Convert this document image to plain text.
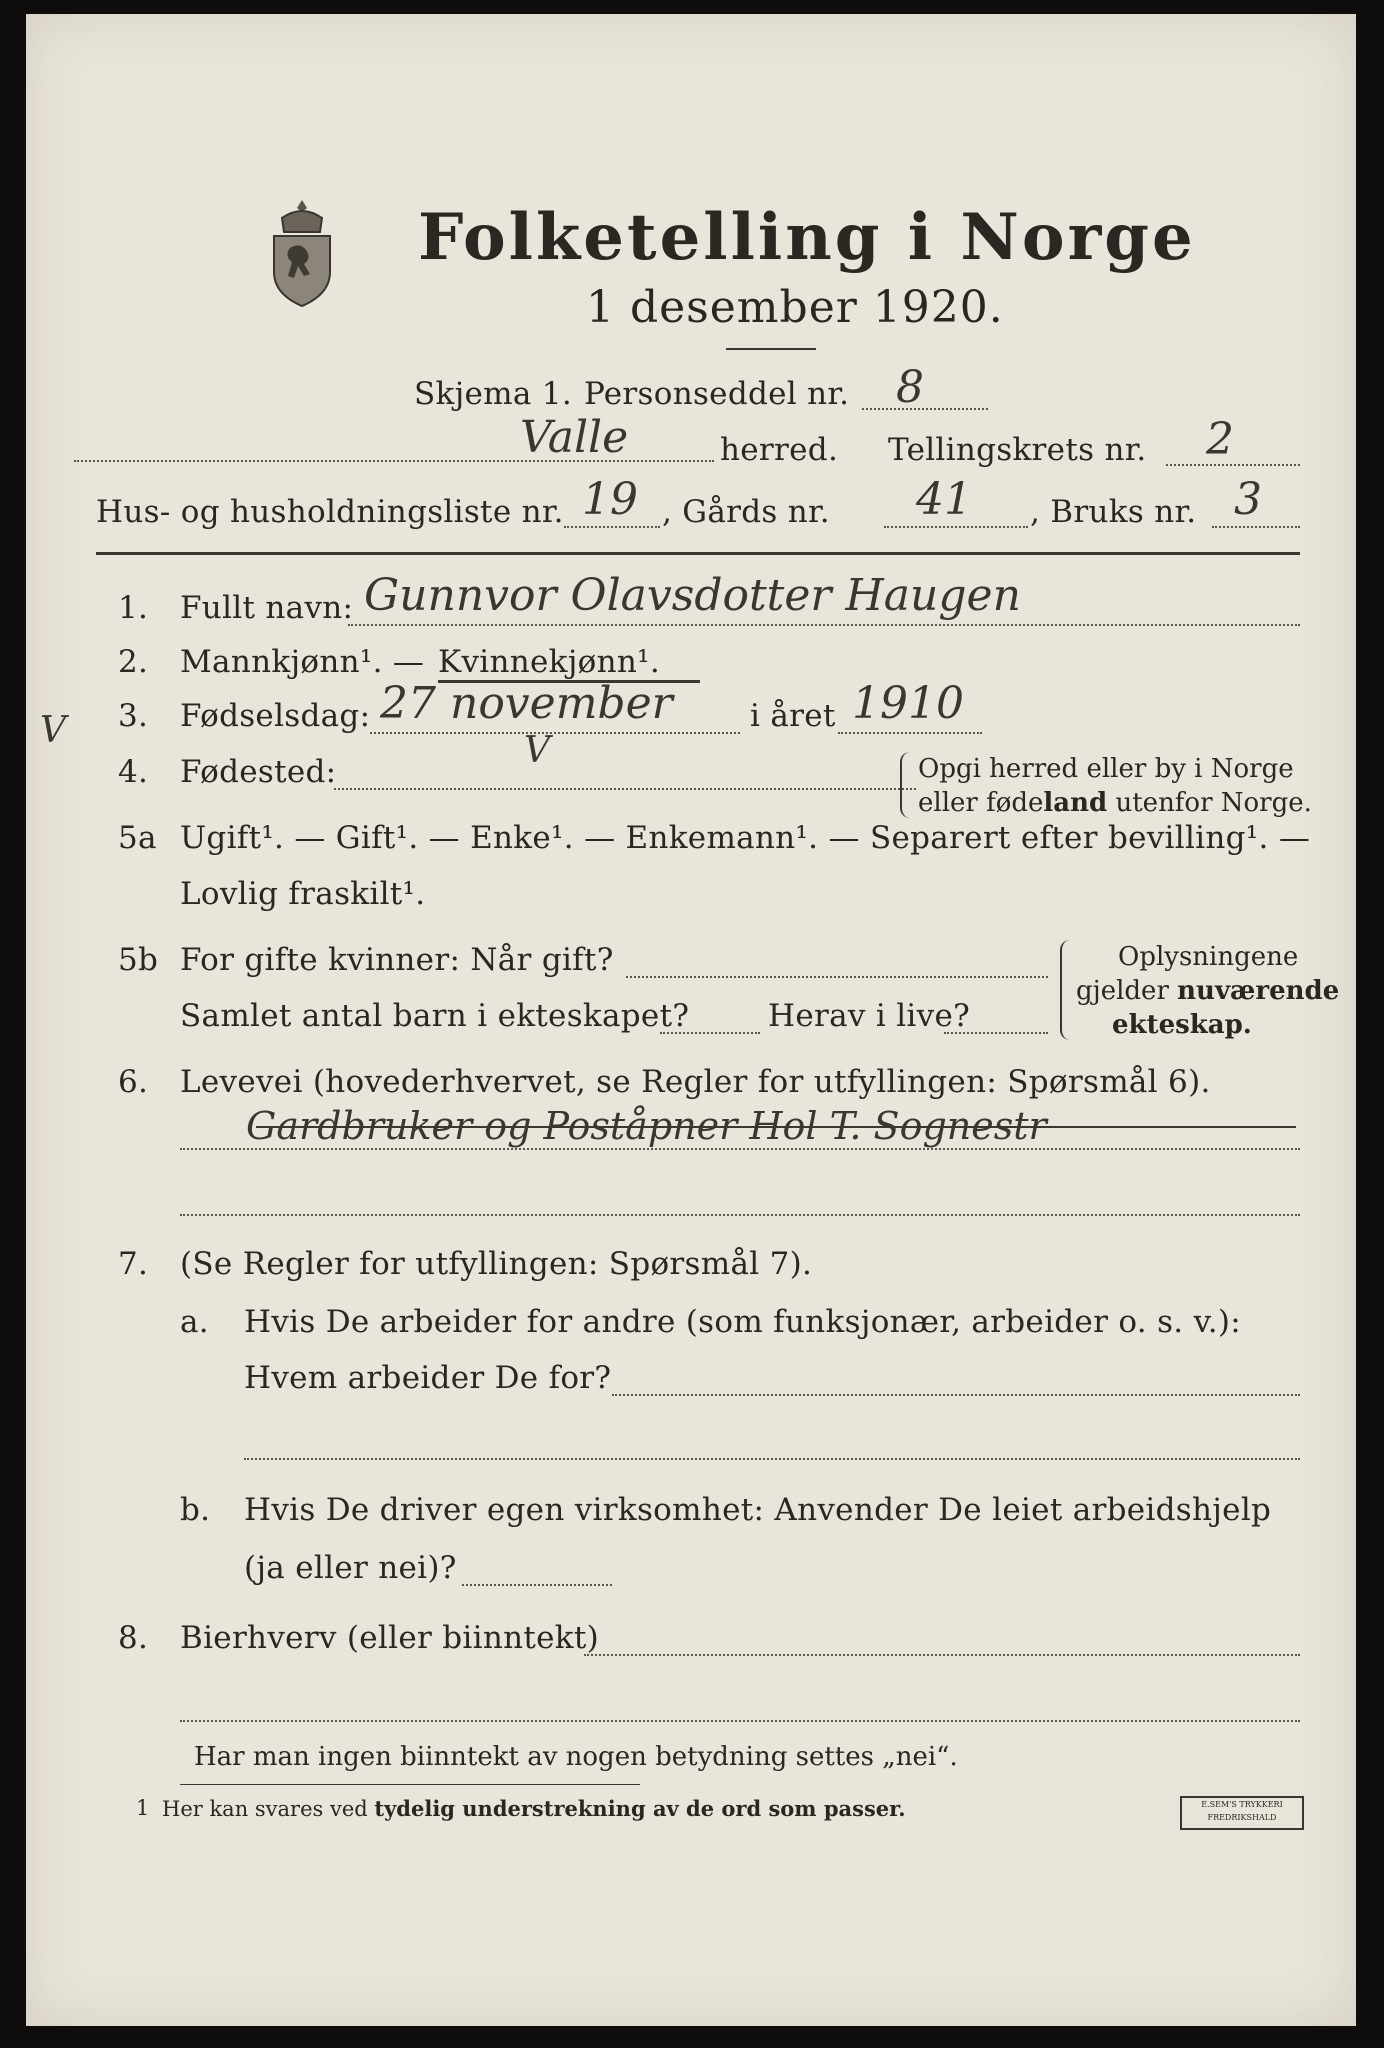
Folketelling i Norge
1 desember 1920.
Skjema 1. Personseddel nr. 8
Valle	herred. Tellingskrets nr. 2
Hus- og husholdningsliste nr. 19 , Gårds nr. 41 , Bruks nr. 3
1. Fullt navn: Gunnvor Olavsdotter Haugen
2. Mannkjønn¹. — Kvinnekjønn¹.
3. Fødselsdag: 27 november i året 1910
V
4. Fødested:
V	Opgi herred eller by i Norge
eller fødeland utenfor Norge.
5a Ugift¹. — Gift¹. — Enke¹. — Enkemann¹. — Separert efter bevilling¹. —
Lovlig fraskilt¹.
5b For gifte kvinner: Når gift?
Samlet antal barn i ekteskapet?	Herav i live?
Oplysningene
gjelder nuværende
ekteskap.
6. Levevei (hovederhvervet, se Regler for utfyllingen: Spørsmål 6).
Gardbruker og Poståpner Hol T. Sognestr
7. (Se Regler for utfyllingen: Spørsmål 7).
a. Hvis De arbeider for andre (som funksjonær, arbeider o. s. v.):
Hvem arbeider De for?
b. Hvis De driver egen virksomhet: Anvender De leiet arbeidshjelp
(ja eller nei)?
8. Bierhverv (eller biinntekt)
Har man ingen biinntekt av nogen betydning settes „nei“.
1 Her kan svares ved tydelig understrekning av de ord som passer.	E.SEM'S TRYKKERI FREDRIKSHALD
